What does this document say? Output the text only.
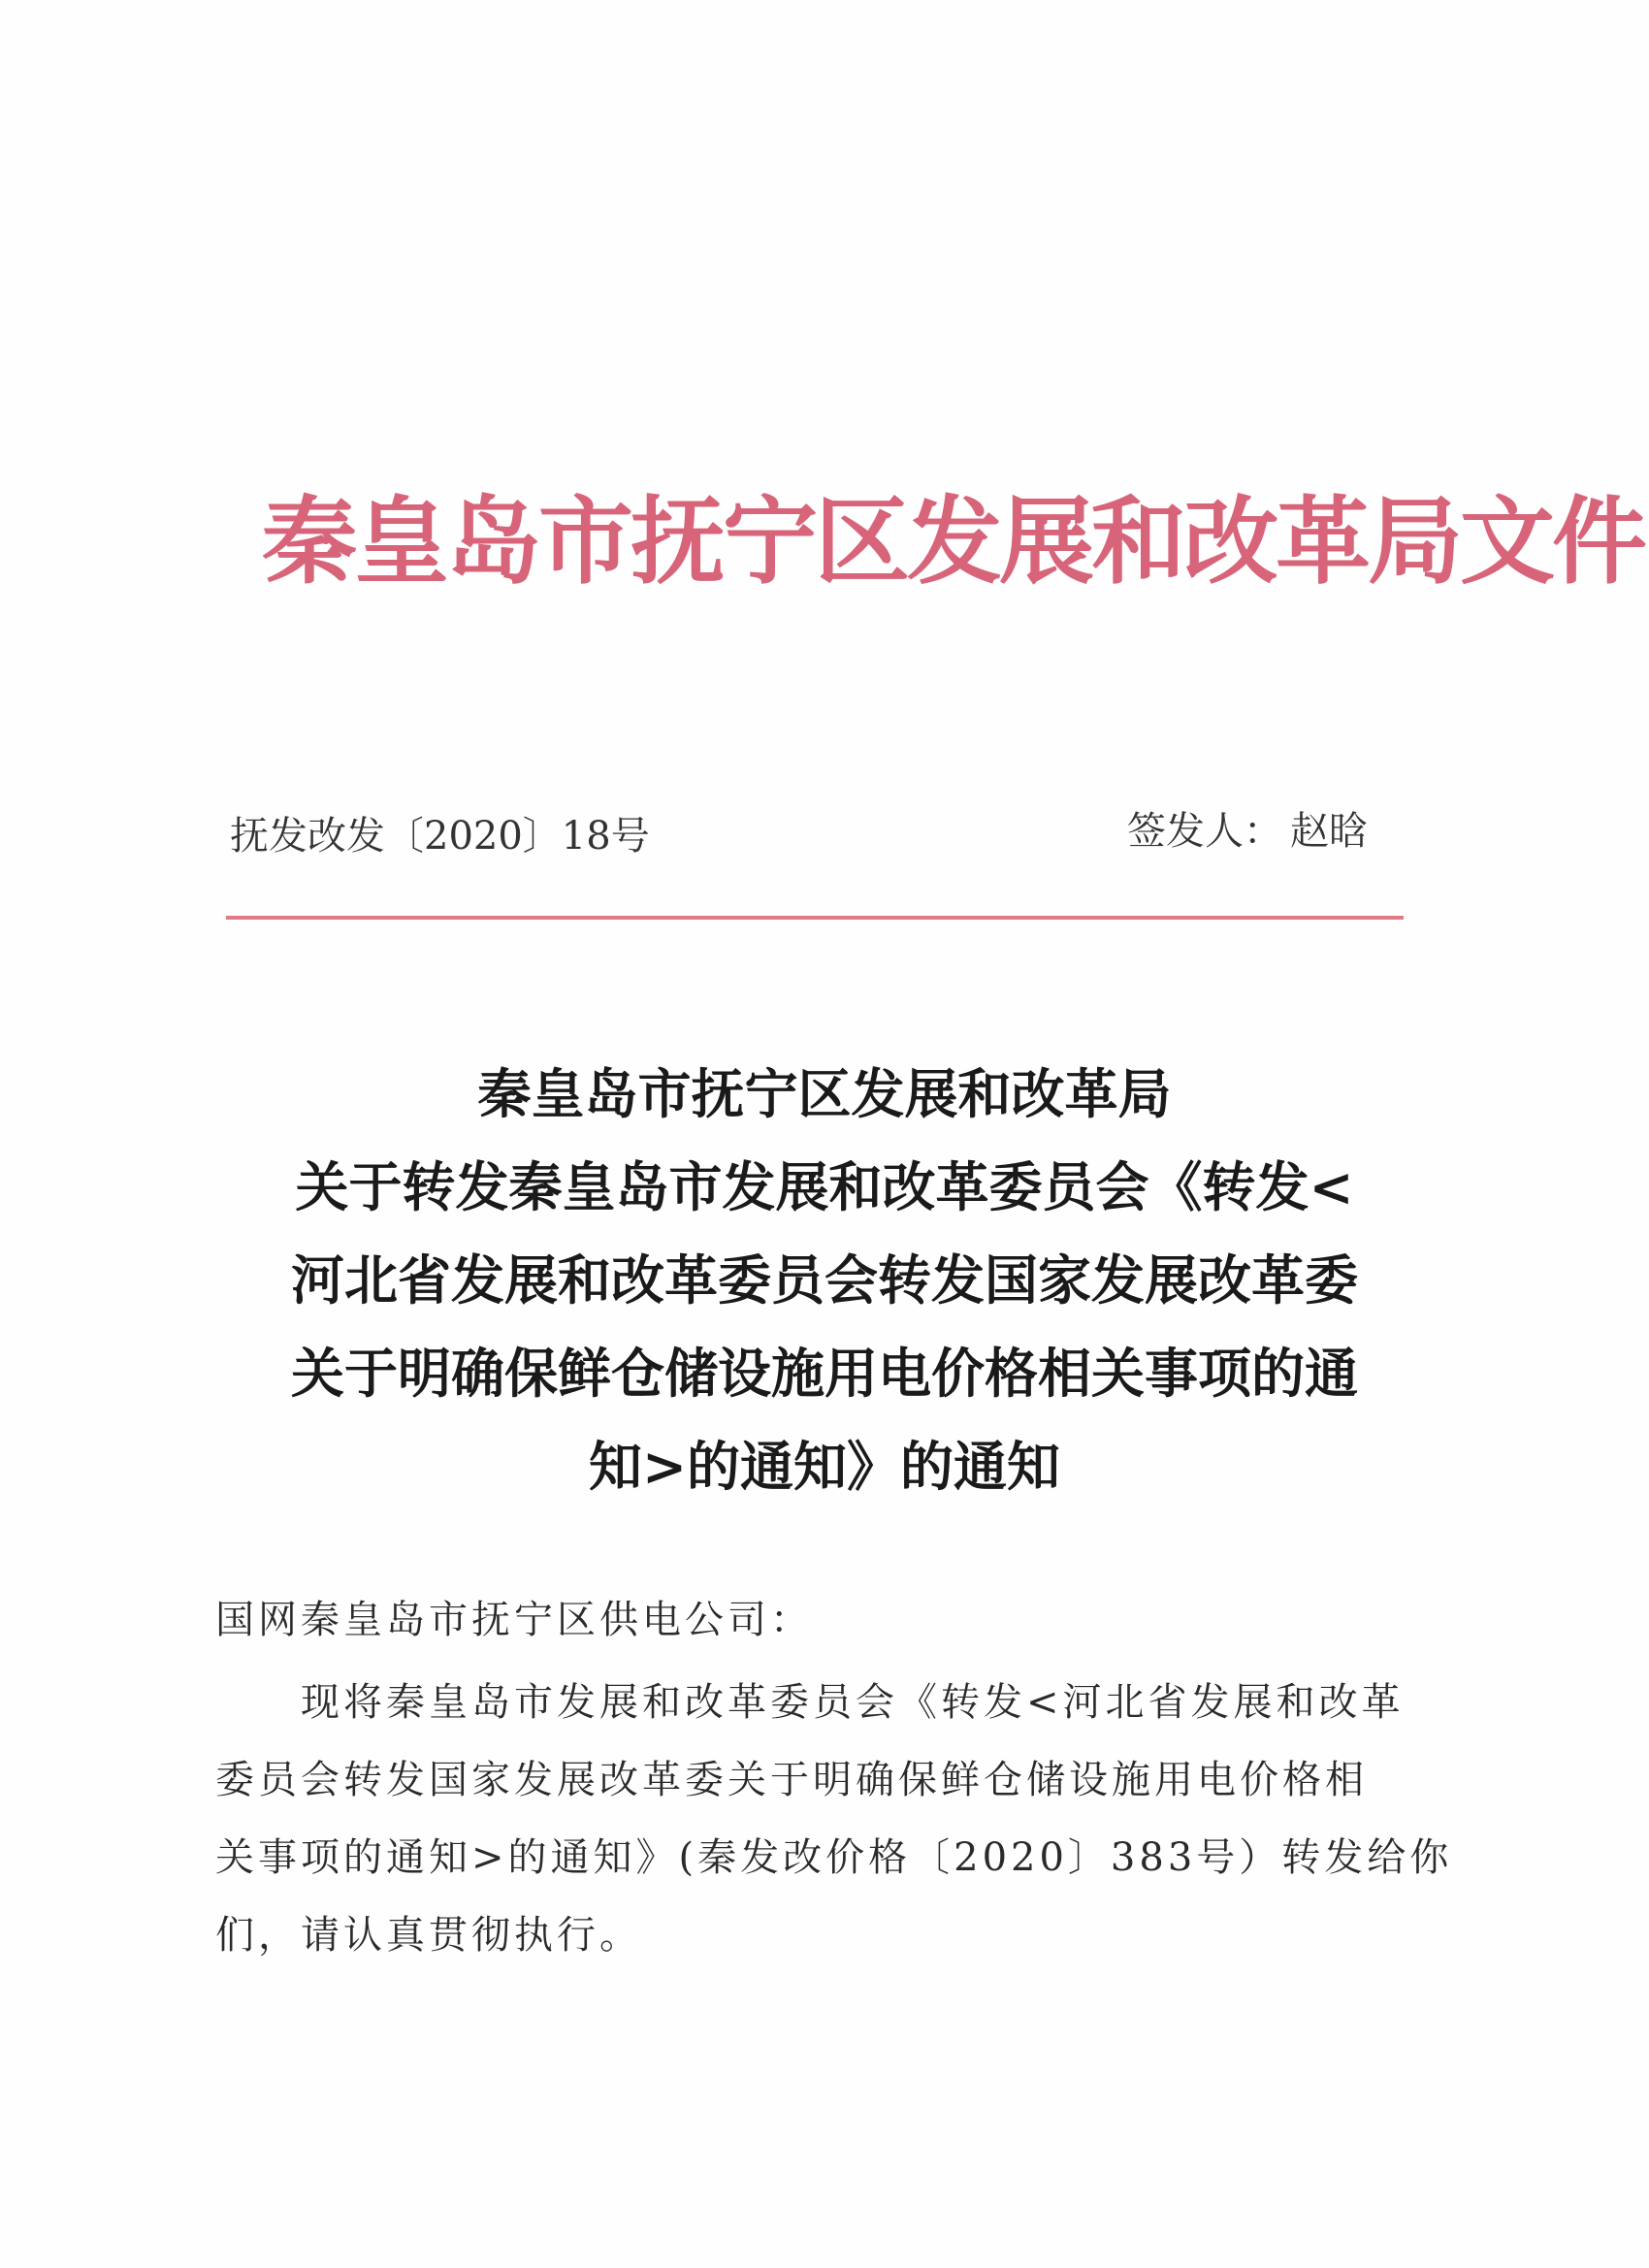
秦皇岛市抚宁区发展和改革局文件
抚发改发〔2020〕18号	签发人： 赵晗
秦皇岛市抚宁区发展和改革局
关于转发秦皇岛市发展和改革委员会《转发<
河北省发展和改革委员会转发国家发展改革委
关于明确保鲜仓储设施用电价格相关事项的通
知>的通知》的通知
国网秦皇岛市抚宁区供电公司：
现将秦皇岛市发展和改革委员会《转发<河北省发展和改革
委员会转发国家发展改革委关于明确保鲜仓储设施用电价格相
关事项的通知>的通知》(秦发改价格〔2020〕383号）转发给你
们，请认真贯彻执行。
